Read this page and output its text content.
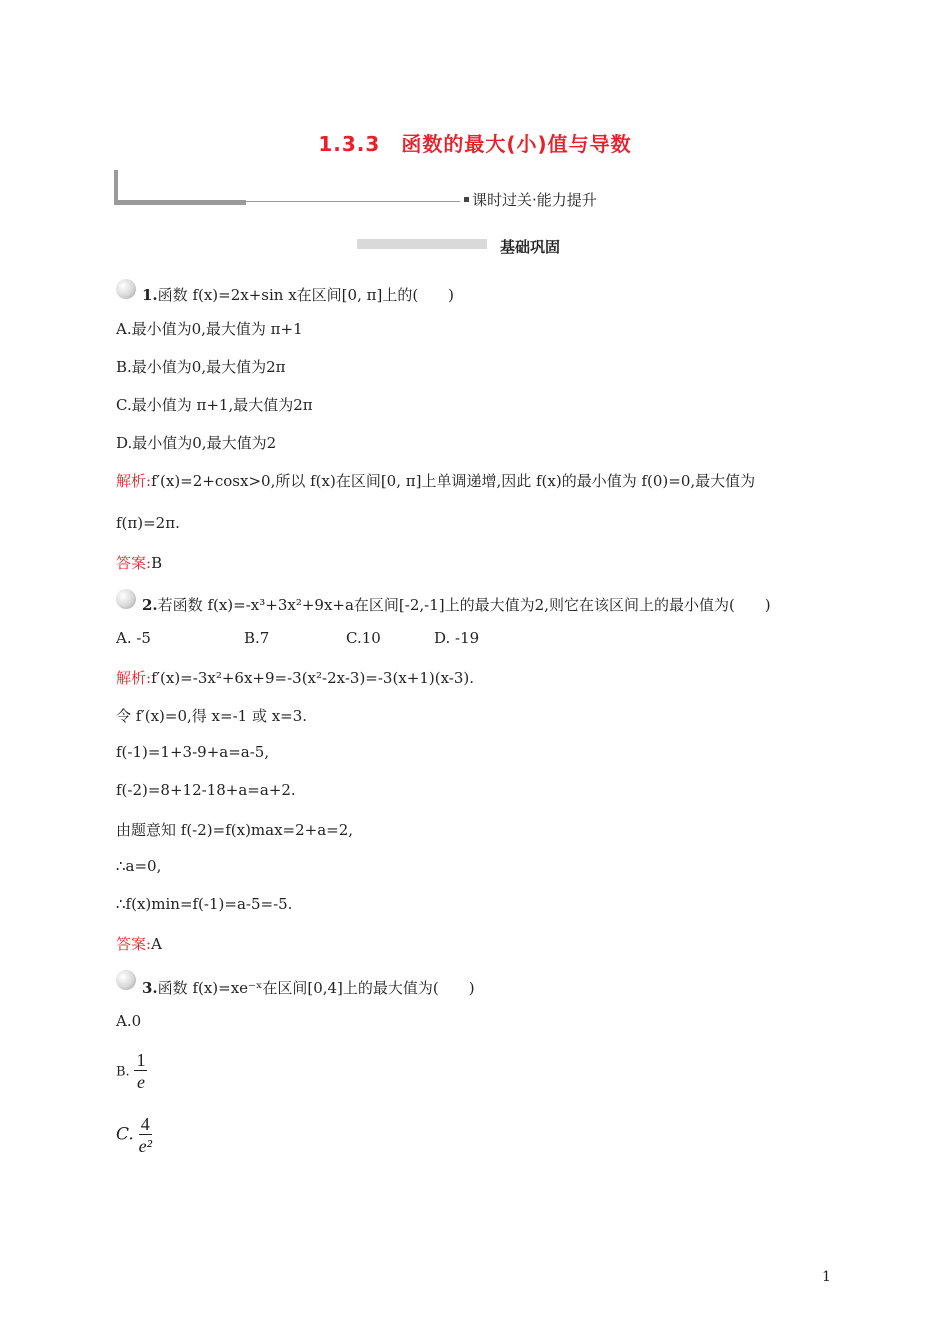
1.3.3　函数的最大(小)值与导数
课时过关·能力提升
基础巩固
1.函数 f(x)=2x+sin x在区间[0, π]上的(　　)
A.最小值为0,最大值为 π+1
B.最小值为0,最大值为2π
C.最小值为 π+1,最大值为2π
D.最小值为0,最大值为2
解析:f′(x)=2+cosx>0,所以 f(x)在区间[0, π]上单调递增,因此 f(x)的最小值为 f(0)=0,最大值为
f(π)=2π.
答案:B
2.若函数 f(x)=-x³+3x²+9x+a在区间[-2,-1]上的最大值为2,则它在该区间上的最小值为(　　)
A. -5	B.7	C.10	D. -19
解析:f′(x)=-3x²+6x+9=-3(x²-2x-3)=-3(x+1)(x-3).
令 f′(x)=0,得 x=-1 或 x=3.
f(-1)=1+3-9+a=a-5,
f(-2)=8+12-18+a=a+2.
由题意知 f(-2)=f(x)max=2+a=2,
∴a=0,
∴f(x)min=f(-1)=a-5=-5.
答案:A
3.函数 f(x)=xe⁻ˣ在区间[0,4]上的最大值为(　　)
A.0
B. $\frac{1}{e}$
C. $\frac{4}{\text{e²}}$
1
